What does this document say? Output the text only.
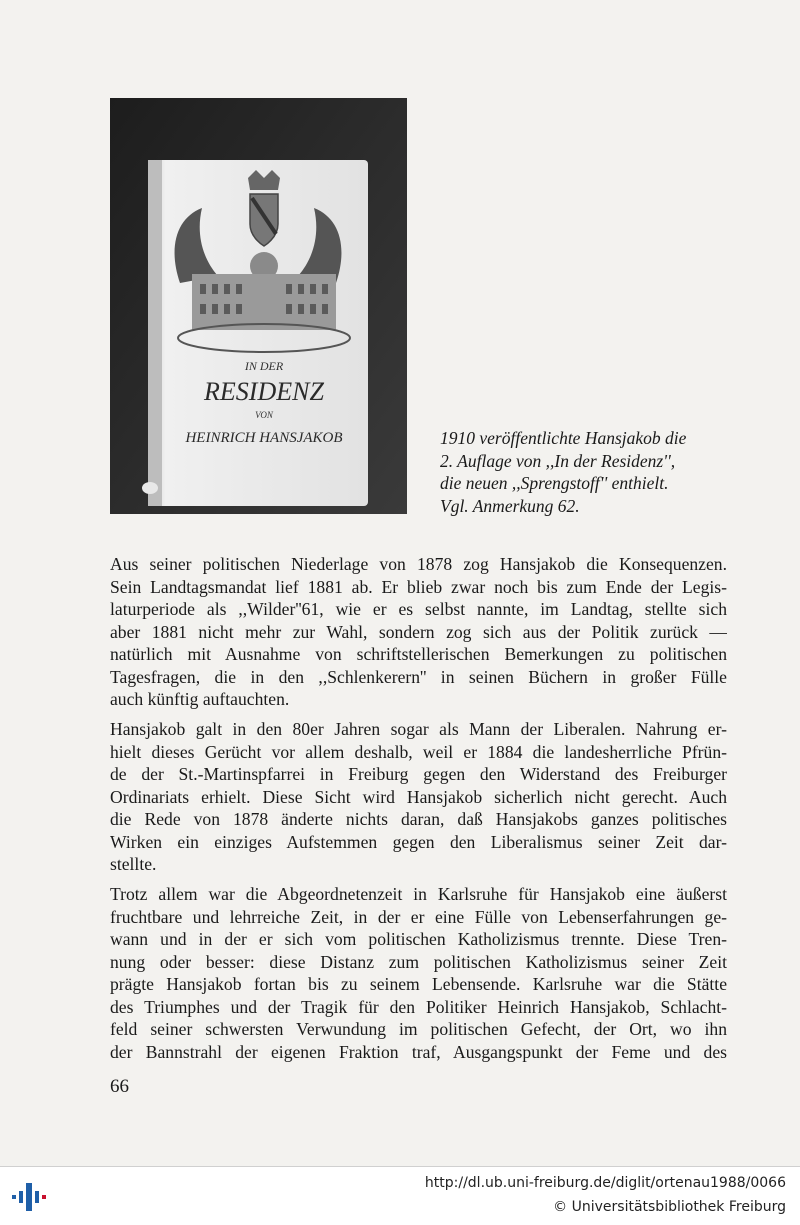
IN DER
RESIDENZ
VON
HEINRICH HANSJAKOB	1910 veröffentlichte Hansjakob die
2. Auflage von ,,In der Residenz'',
die neuen ,,Sprengstoff'' enthielt.
Vgl. Anmerkung 62.
Aus seiner politischen Niederlage von 1878 zog Hansjakob die Konsequenzen.
Sein Landtagsmandat lief 1881 ab. Er blieb zwar noch bis zum Ende der Legis-
laturperiode als ,,Wilder''61, wie er es selbst nannte, im Landtag, stellte sich
aber 1881 nicht mehr zur Wahl, sondern zog sich aus der Politik zurück —
natürlich mit Ausnahme von schriftstellerischen Bemerkungen zu politischen
Tagesfragen, die in den ,,Schlenkerern'' in seinen Büchern in großer Fülle
auch künftig auftauchten.
Hansjakob galt in den 80er Jahren sogar als Mann der Liberalen. Nahrung er-
hielt dieses Gerücht vor allem deshalb, weil er 1884 die landesherrliche Pfrün-
de der St.-Martinspfarrei in Freiburg gegen den Widerstand des Freiburger
Ordinariats erhielt. Diese Sicht wird Hansjakob sicherlich nicht gerecht. Auch
die Rede von 1878 änderte nichts daran, daß Hansjakobs ganzes politisches
Wirken ein einziges Aufstemmen gegen den Liberalismus seiner Zeit dar-
stellte.
Trotz allem war die Abgeordnetenzeit in Karlsruhe für Hansjakob eine äußerst
fruchtbare und lehrreiche Zeit, in der er eine Fülle von Lebenserfahrungen ge-
wann und in der er sich vom politischen Katholizismus trennte. Diese Tren-
nung oder besser: diese Distanz zum politischen Katholizismus seiner Zeit
prägte Hansjakob fortan bis zu seinem Lebensende. Karlsruhe war die Stätte
des Triumphes und der Tragik für den Politiker Heinrich Hansjakob, Schlacht-
feld seiner schwersten Verwundung im politischen Gefecht, der Ort, wo ihn
der Bannstrahl der eigenen Fraktion traf, Ausgangspunkt der Feme und des
66
http://dl.ub.uni-freiburg.de/diglit/ortenau1988/0066
© Universitätsbibliothek Freiburg
